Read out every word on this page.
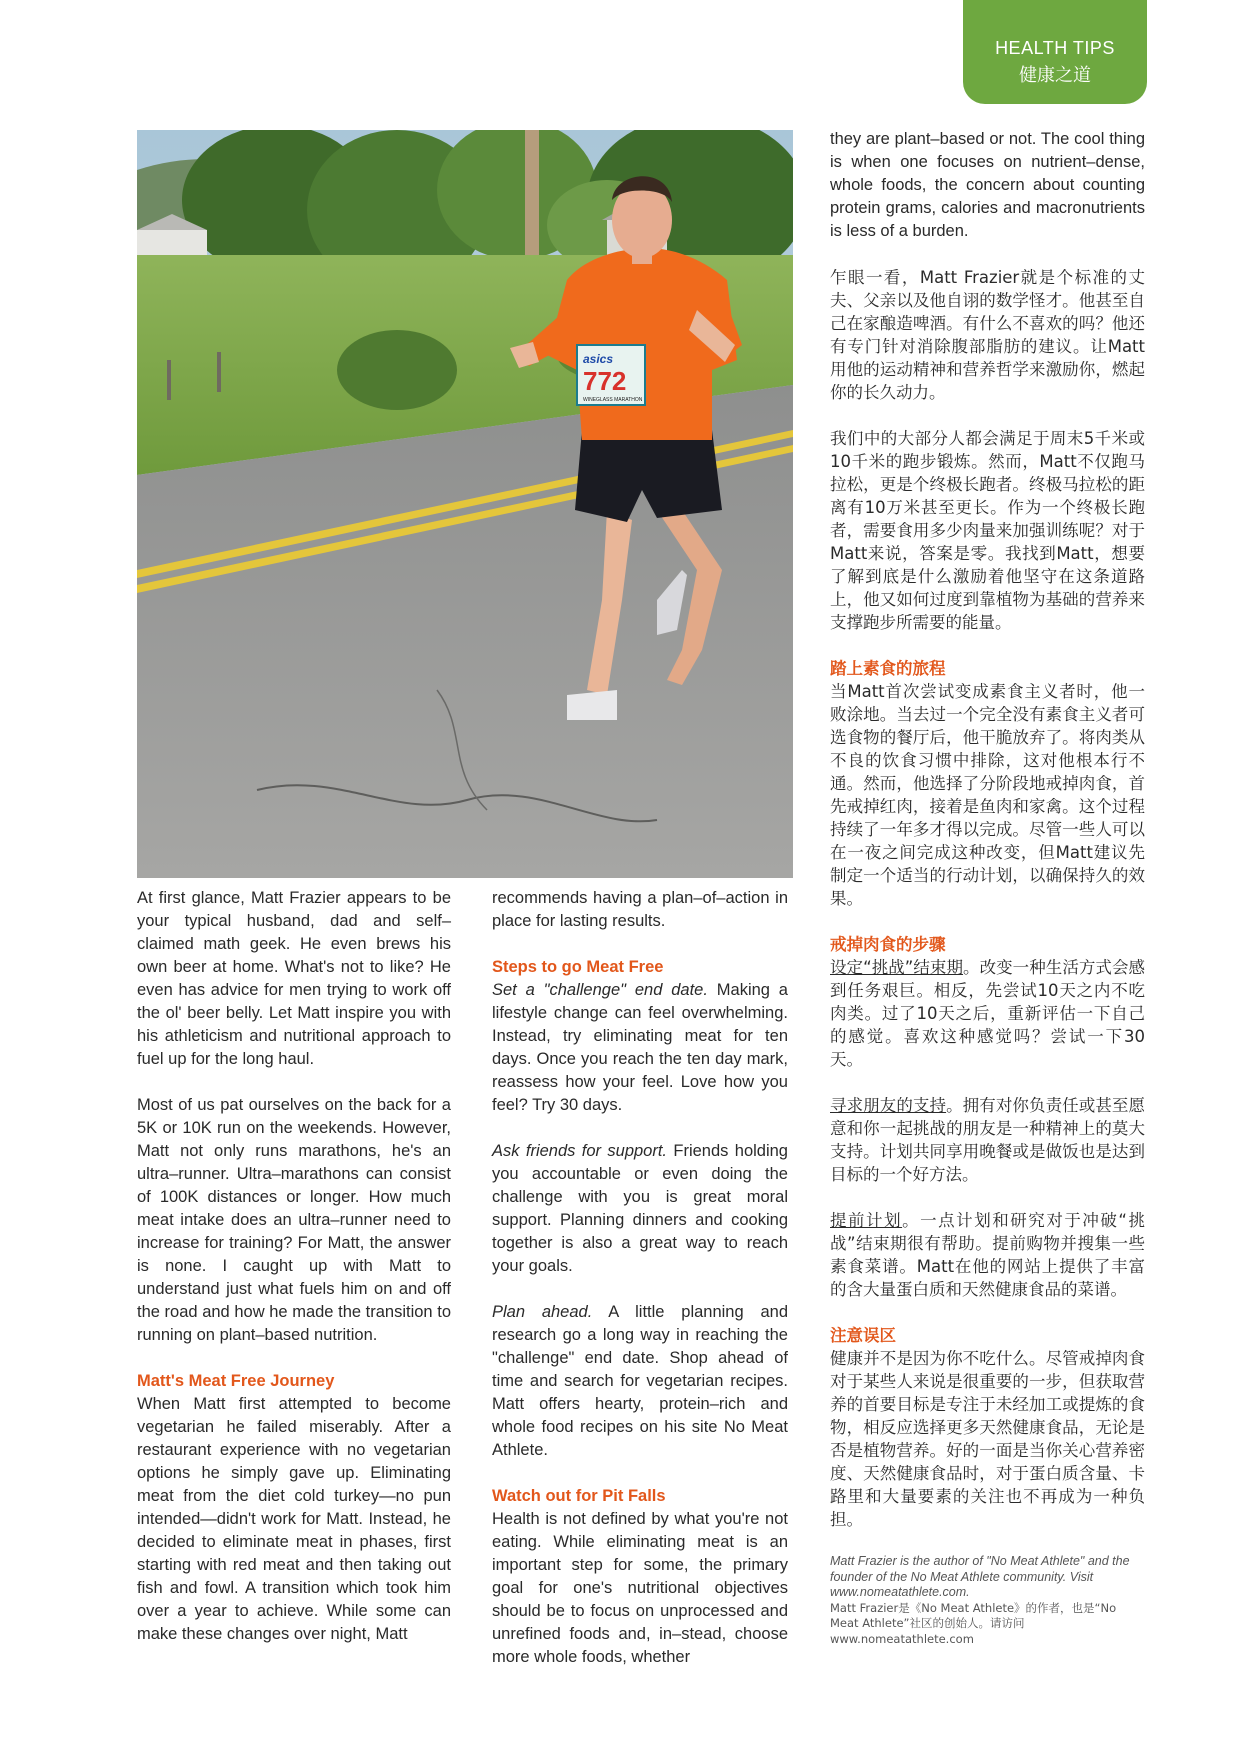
HEALTH TIPS
健康之道
asics
772
WINEGLASS MARATHON

At first glance, Matt Frazier appears to be your typical husband, dad and self–claimed math geek. He even brews his own beer at home. What's not to like? He even has advice for men trying to work off the ol' beer belly. Let Matt inspire you with his athleticism and nutritional approach to fuel up for the long haul.

Most of us pat ourselves on the back for a 5K or 10K run on the weekends. However, Matt not only runs marathons, he's an ultra–runner. Ultra–marathons can consist of 100K distances or longer. How much meat intake does an ultra–runner need to increase for training? For Matt, the answer is none. I caught up with Matt to understand just what fuels him on and off the road and how he made the transition to running on plant–based nutrition.

Matt's Meat Free Journey

When Matt first attempted to become vegetarian he failed miserably. After a restaurant experience with no vegetarian options he simply gave up. Eliminating meat from the diet cold turkey—no pun intended—didn't work for Matt. Instead, he decided to eliminate meat in phases, first starting with red meat and then taking out fish and fowl. A transition which took him over a year to achieve. While some can make these changes over night, Matt

recommends having a plan–of–action in place for lasting results.

Steps to go Meat Free

Set a "challenge" end date. Making a lifestyle change can feel overwhelming. Instead, try eliminating meat for ten days. Once you reach the ten day mark, reassess how your feel. Love how you feel? Try 30 days.

Ask friends for support. Friends holding you accountable or even doing the challenge with you is great moral support. Planning dinners and cooking together is also a great way to reach your goals.

Plan ahead. A little planning and research go a long way in reaching the "challenge" end date. Shop ahead of time and search for vegetarian recipes. Matt offers hearty, protein–rich and whole food recipes on his site No Meat Athlete.

Watch out for Pit Falls

Health is not defined by what you're not eating. While eliminating meat is an important step for some, the primary goal for one's nutritional objectives should be to focus on unprocessed and unrefined foods and, in–stead, choose more whole foods, whether

they are plant–based or not. The cool thing is when one focuses on nutrient–dense, whole foods, the concern about counting protein grams, calories and macronutrients is less of a burden.

乍眼一看，Matt Frazier就是个标准的丈夫、父亲以及他自诩的数学怪才。他甚至自己在家酿造啤酒。有什么不喜欢的吗？他还有专门针对消除腹部脂肪的建议。让Matt用他的运动精神和营养哲学来激励你，燃起你的长久动力。

我们中的大部分人都会满足于周末5千米或10千米的跑步锻炼。然而，Matt不仅跑马拉松，更是个终极长跑者。终极马拉松的距离有10万米甚至更长。作为一个终极长跑者，需要食用多少肉量来加强训练呢？对于Matt来说，答案是零。我找到Matt，想要了解到底是什么激励着他坚守在这条道路上，他又如何过度到靠植物为基础的营养来支撑跑步所需要的能量。

踏上素食的旅程

当Matt首次尝试变成素食主义者时，他一败涂地。当去过一个完全没有素食主义者可选食物的餐厅后，他干脆放弃了。将肉类从不良的饮食习惯中排除，这对他根本行不通。然而，他选择了分阶段地戒掉肉食，首先戒掉红肉，接着是鱼肉和家禽。这个过程持续了一年多才得以完成。尽管一些人可以在一夜之间完成这种改变，但Matt建议先制定一个适当的行动计划，以确保持久的效果。

戒掉肉食的步骤

设定“挑战”结束期。改变一种生活方式会感到任务艰巨。相反，先尝试10天之内不吃肉类。过了10天之后，重新评估一下自己的感觉。喜欢这种感觉吗？尝试一下30天。

寻求朋友的支持。拥有对你负责任或甚至愿意和你一起挑战的朋友是一种精神上的莫大支持。计划共同享用晚餐或是做饭也是达到目标的一个好方法。

提前计划。一点计划和研究对于冲破“挑战”结束期很有帮助。提前购物并搜集一些素食菜谱。Matt在他的网站上提供了丰富的含大量蛋白质和天然健康食品的菜谱。

注意误区

健康并不是因为你不吃什么。尽管戒掉肉食对于某些人来说是很重要的一步，但获取营养的首要目标是专注于未经加工或提炼的食物，相反应选择更多天然健康食品，无论是否是植物营养。好的一面是当你关心营养密度、天然健康食品时，对于蛋白质含量、卡路里和大量要素的关注也不再成为一种负担。

Matt Frazier is the author of "No Meat Athlete" and the founder of the No Meat Athlete community. Visit www.nomeatathlete.com.

Matt Frazier是《No Meat Athlete》的作者，也是“No Meat Athlete”社区的创始人。请访问www.nomeatathlete.com
